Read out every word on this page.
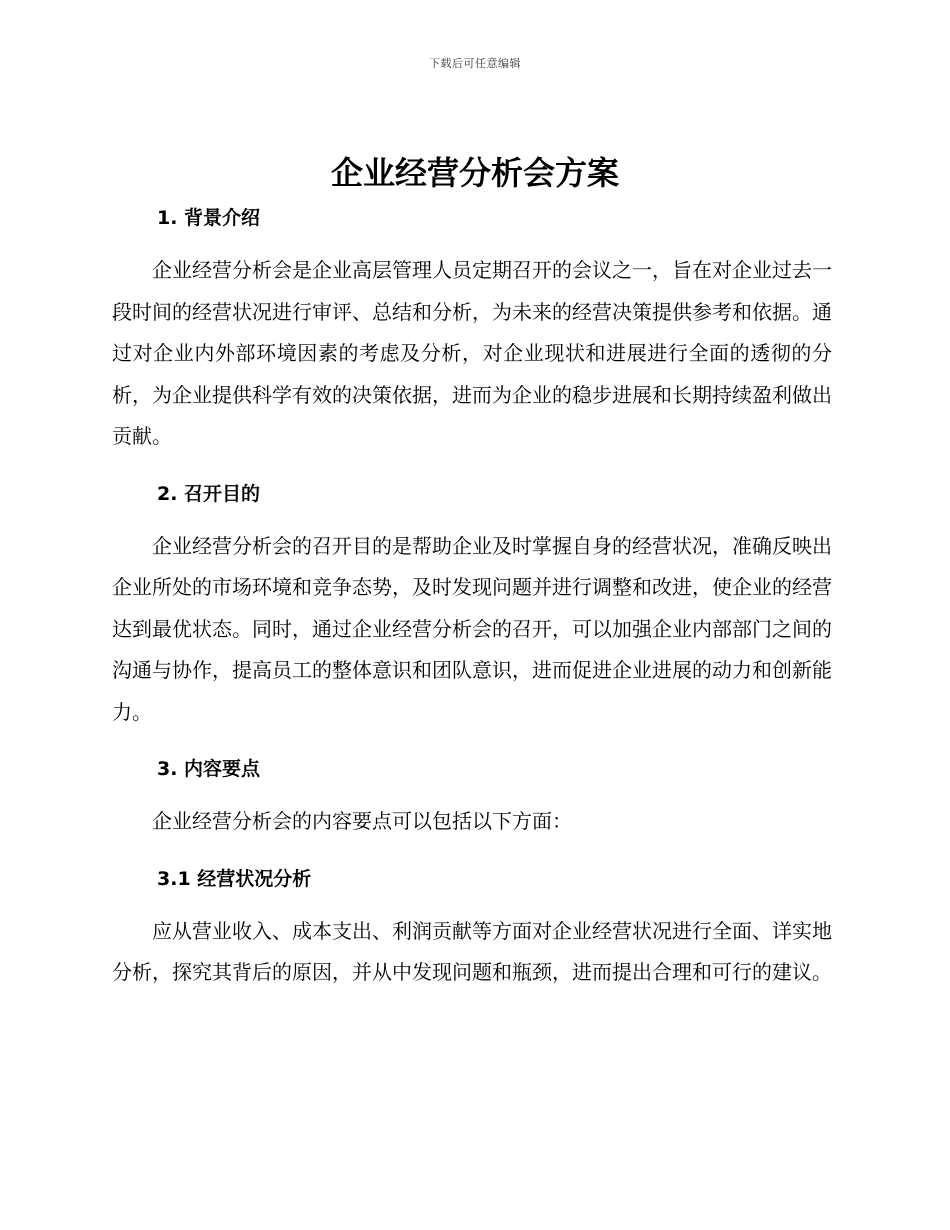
下载后可任意编辑
企业经营分析会方案
1. 背景介绍

企业经营分析会是企业高层管理人员定期召开的会议之一，旨在对企业过去一段时间的经营状况进行审评、总结和分析，为未来的经营决策提供参考和依据。通过对企业内外部环境因素的考虑及分析，对企业现状和进展进行全面的透彻的分析，为企业提供科学有效的决策依据，进而为企业的稳步进展和长期持续盈利做出贡献。

2. 召开目的

企业经营分析会的召开目的是帮助企业及时掌握自身的经营状况，准确反映出企业所处的市场环境和竞争态势，及时发现问题并进行调整和改进，使企业的经营达到最优状态。同时，通过企业经营分析会的召开，可以加强企业内部部门之间的沟通与协作，提高员工的整体意识和团队意识，进而促进企业进展的动力和创新能力。

3. 内容要点

企业经营分析会的内容要点可以包括以下方面：

3.1 经营状况分析

应从营业收入、成本支出、利润贡献等方面对企业经营状况进行全面、详实地分析，探究其背后的原因，并从中发现问题和瓶颈，进而提出合理和可行的建议。
